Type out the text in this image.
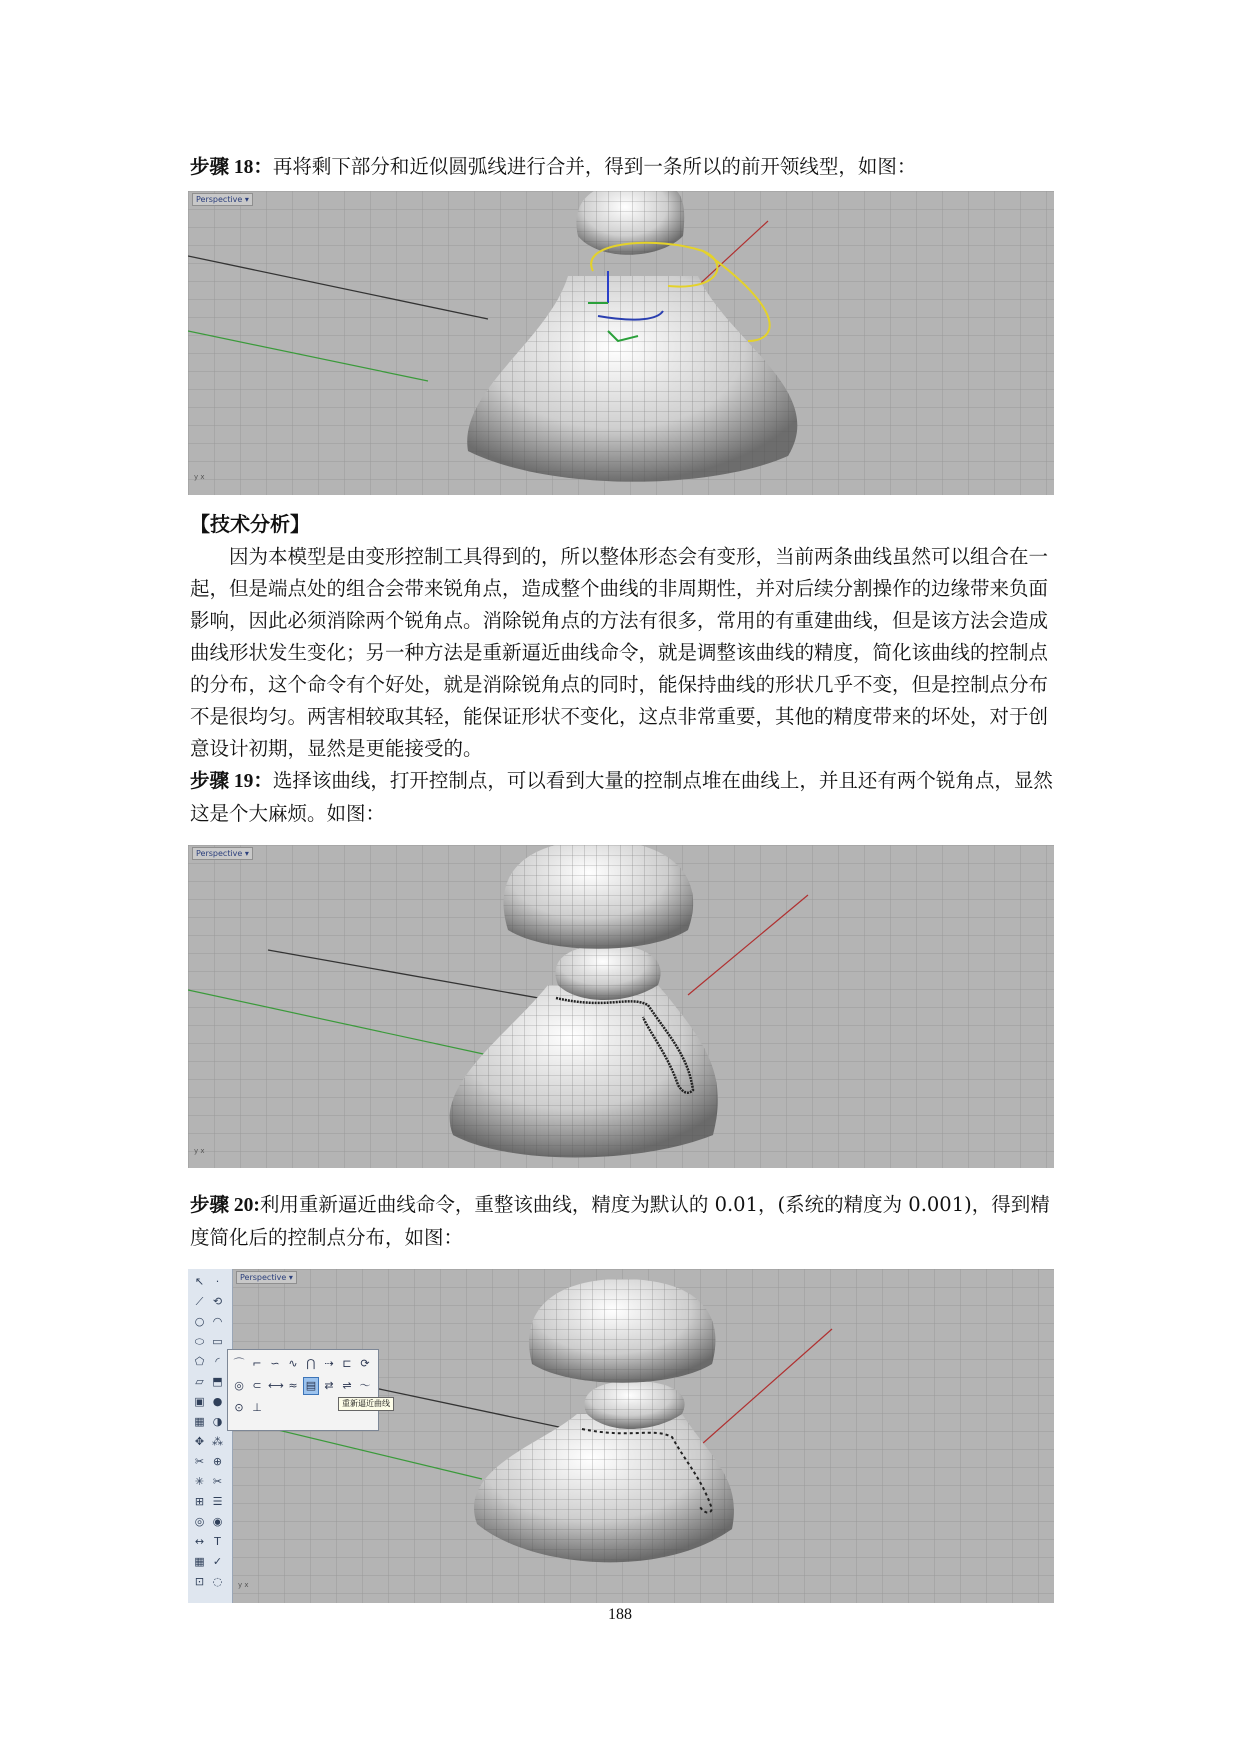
步骤 18：再将剩下部分和近似圆弧线进行合并，得到一条所以的前开领线型，如图：

y x
Perspective ▾

【技术分析】

因为本模型是由变形控制工具得到的，所以整体形态会有变形，当前两条曲线虽然可以组合在一起，但是端点处的组合会带来锐角点，造成整个曲线的非周期性，并对后续分割操作的边缘带来负面影响，因此必须消除两个锐角点。消除锐角点的方法有很多，常用的有重建曲线，但是该方法会造成曲线形状发生变化；另一种方法是重新逼近曲线命令，就是调整该曲线的精度，简化该曲线的控制点的分布，这个命令有个好处，就是消除锐角点的同时，能保持曲线的形状几乎不变，但是控制点分布不是很均匀。两害相较取其轻，能保证形状不变化，这点非常重要，其他的精度带来的坏处，对于创意设计初期，显然是更能接受的。

步骤 19：选择该曲线，打开控制点，可以看到大量的控制点堆在曲线上，并且还有两个锐角点，显然这是个大麻烦。如图：

y x
Perspective ▾

步骤 20:利用重新逼近曲线命令，重整该曲线，精度为默认的 0.01，(系统的精度为 0.001)，得到精度简化后的控制点分布，如图：

y x
Perspective ▾
↖	·
⟋ ⟲
○ ◠
⬭ ▭
⬠	◜
▱ ⬒
▣ ●
▦ ◑
✥ ⁂
✂ ⊕
✳ ✂
⊞ ☰
◎ ◉
↔ T
▦ ✓
⊡ ◌
⌒ ⌐ ∽ ∿ ⋂ ⇢ ⊏ ⟳
◎ ⊂ ⟷ ≈ ▤ ⇄ ⇌ 〜
⊙ ⊥	重新逼近曲线
188
